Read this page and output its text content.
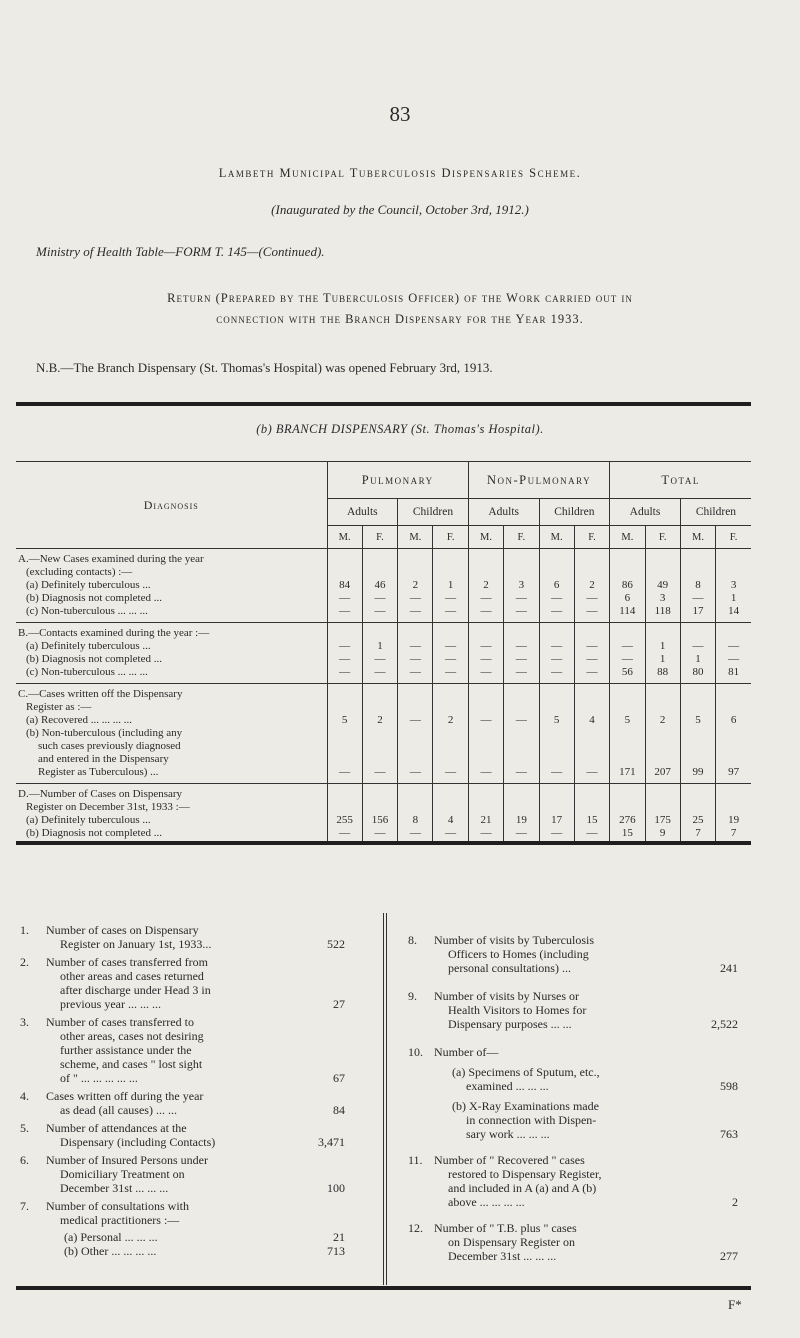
83
Lambeth Municipal Tuberculosis Dispensaries Scheme.
(Inaugurated by the Council, October 3rd, 1912.)
Ministry of Health Table—FORM T. 145—(Continued).
Return (Prepared by the Tuberculosis Officer) of the Work carried out in
connection with the Branch Dispensary for the Year 1933.
N.B.—The Branch Dispensary (St. Thomas's Hospital) was opened February 3rd, 1913.
(b) BRANCH DISPENSARY (St. Thomas's Hospital).
Diagnosis	Pulmonary				Non-Pulmonary				Total			
	Adults		Children		Adults		Children		Adults		Children	
	M.	F.	M.	F.	M.	F.	M.	F.	M.	F.	M.	F.

A.—New Cases examined during the year
(excluding contacts) :—
(a) Definitely tuberculous ...	84	46	2	1	2	3	6	2	86	49	8	3

(b) Diagnosis not completed ...	—	—	—	—	—	—	—	—	6	3	—	1

(c) Non-tuberculous ... ... ...	—	—	—	—	—	—	—	—	114	118	17	14

B.—Contacts examined during the year :—
(a) Definitely tuberculous ...	—	1	—	—	—	—	—	—	—	1	—	—

(b) Diagnosis not completed ...	—	—	—	—	—	—	—	—	—	1	1	—

(c) Non-tuberculous ... ... ...	—	—	—	—	—	—	—	—	56	88	80	81

C.—Cases written off the Dispensary
Register as :—
(a) Recovered ... ... ... ...	5	2	—	2	—	—	5	4	5	2	5	6

(b) Non-tuberculous (including any
such cases previously diagnosed
and entered in the Dispensary
Register as Tuberculous) ...	—	—	—	—	—	—	—	—	171	207	99	97

D.—Number of Cases on Dispensary
Register on December 31st, 1933 :—
(a) Definitely tuberculous ...	255	156	8	4	21	19	17	15	276	175	25	19

(b) Diagnosis not completed ...	—	—	—	—	—	—	—	—	15	9	7	7
1.	Number of cases on Dispensary
Register on January 1st, 1933...	522
2.	Number of cases transferred from
other areas and cases returned
after discharge under Head 3 in
previous year ... ... ...	27
3.	Number of cases transferred to
other areas, cases not desiring
further assistance under the
scheme, and cases " lost sight
of " ... ... ... ... ...	67
4.	Cases written off during the year
as dead (all causes) ... ...	84
5.	Number of attendances at the
Dispensary (including Contacts)	3,471
6.	Number of Insured Persons under
Domiciliary Treatment on
December 31st ... ... ...	100
7.	Number of consultations with
medical practitioners :—
(a) Personal ... ... ...	21
(b) Other ... ... ... ...	713
8.	Number of visits by Tuberculosis
Officers to Homes (including
personal consultations) ...	241
9.	Number of visits by Nurses or
Health Visitors to Homes for
Dispensary purposes ... ...	2,522
10. Number of—
(a) Specimens of Sputum, etc.,
examined ... ... ...	598
(b) X-Ray Examinations made
in connection with Dispen-
sary work ... ... ...	763
11. Number of " Recovered " cases
restored to Dispensary Register,
and included in A (a) and A (b)
above ... ... ... ...	2
12. Number of " T.B. plus " cases
on Dispensary Register on
December 31st ... ... ...	277
F*
